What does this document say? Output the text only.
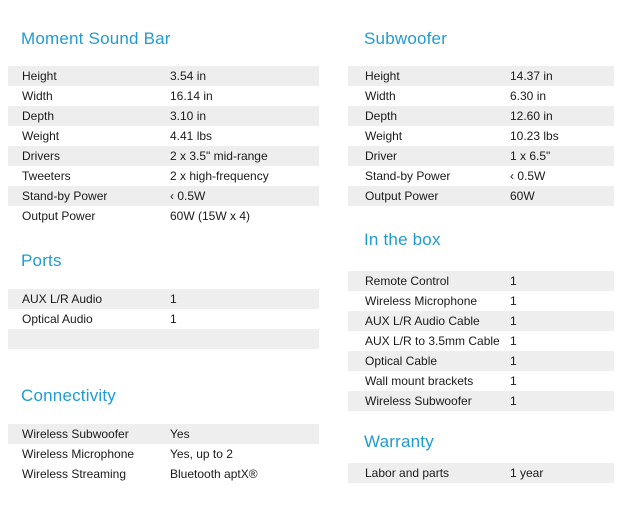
Moment Sound Bar
Height	3.54 in
Width	16.14 in
Depth	3.10 in
Weight	4.41 lbs
Drivers	2 x 3.5" mid-range
Tweeters	2 x high-frequency
Stand-by Power	‹ 0.5W
Output Power	60W (15W x 4)
Ports
AUX L/R Audio	1
Optical Audio	1
Connectivity
Wireless Subwoofer	Yes
Wireless Microphone	Yes, up to 2
Wireless Streaming	Bluetooth aptX®
Subwoofer
Height	14.37 in
Width	6.30 in
Depth	12.60 in
Weight	10.23 lbs
Driver	1 x 6.5"
Stand-by Power	‹ 0.5W
Output Power	60W
In the box
Remote Control	1
Wireless Microphone	1
AUX L/R Audio Cable	1
AUX L/R to 3.5mm Cable 1
Optical Cable	1
Wall mount brackets	1
Wireless Subwoofer	1
Warranty
Labor and parts	1 year
